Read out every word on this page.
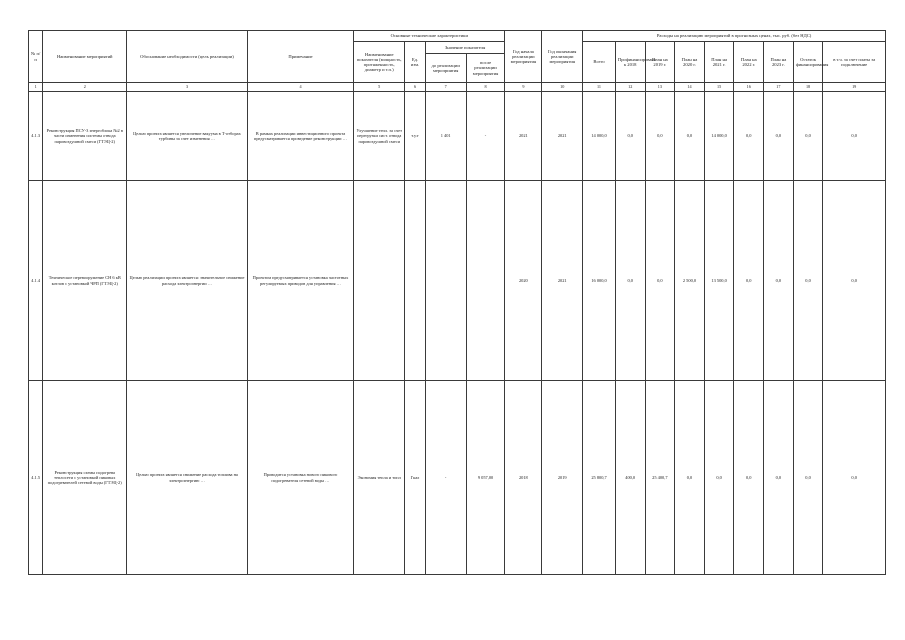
№ п/п	Наименование мероприятий	Обоснование необходимости (цель реализации)	Примечание	Основные технические характеристики				Год начала реализации мероприятия	Год окончания реализации мероприятия	Расходы на реализацию мероприятий в прогнозных ценах, тыс. руб. (без НДС)								
				Наименование показателя (мощность, протяженность, диаметр и т.п.)	Ед. изм.	Значение показателя				Всего	Профинансировано к 2018	План на 2019 г.	План на 2020 г.	План на 2021 г.	План на 2022 г.	План на 2023 г.	Остаток финансирования	в т.ч. за счет платы за подключение
						до реализации мероприятия	после реализации мероприятия											
1	2	3	4	5	6	7	8	9	10	11	12	13	14	15	16	17	18	19
4.1.3	Реконструкция ПСУ-3 энергоблока №2 в части изменения системы отвода паровоздушной смеси (ГТЭЦ-2)	Целью проекта является увеличение вакуума в Т-отборах турбины за счет изменения …	В рамках реализации инвестиционного проекта предусматривается проведение реконструкции …	Улучшение тепл. за счет перегрузки сист. отвода паровоздушной смеси	т.у.т	1 401	-	2021	2021	14 000,0	0,0	0,0	0,0	14 000,0	0,0	0,0	0,0	0,0
4.1.4	Техническое перевооружение СН 6 кВ котлов с установкой ЧРП (ГТЭЦ-2)	Целью реализации проекта является: значительное снижение расхода электроэнергии …	Проектом предусматривается установка частотных регулируемых приводов для управления …					2020	2021	16 000,0	0,0	0,0	2 500,0	13 500,0	0,0	0,0	0,0	0,0
4.1.5	Реконструкция схемы подогрева теплосети с установкой пиковых подогревателей сетевой воды (ГТЭЦ-2)	Целью проекта является снижение расхода топлива на электроэнергию …	Проводится установка нового пикового подогревателя сетевой воды …	Экономия тепла и топл	Гкал	-	9 057,00	2018	2019	25 800,7	400,0	25 400,7	0,0	0,0	0,0	0,0	0,0	0,0
